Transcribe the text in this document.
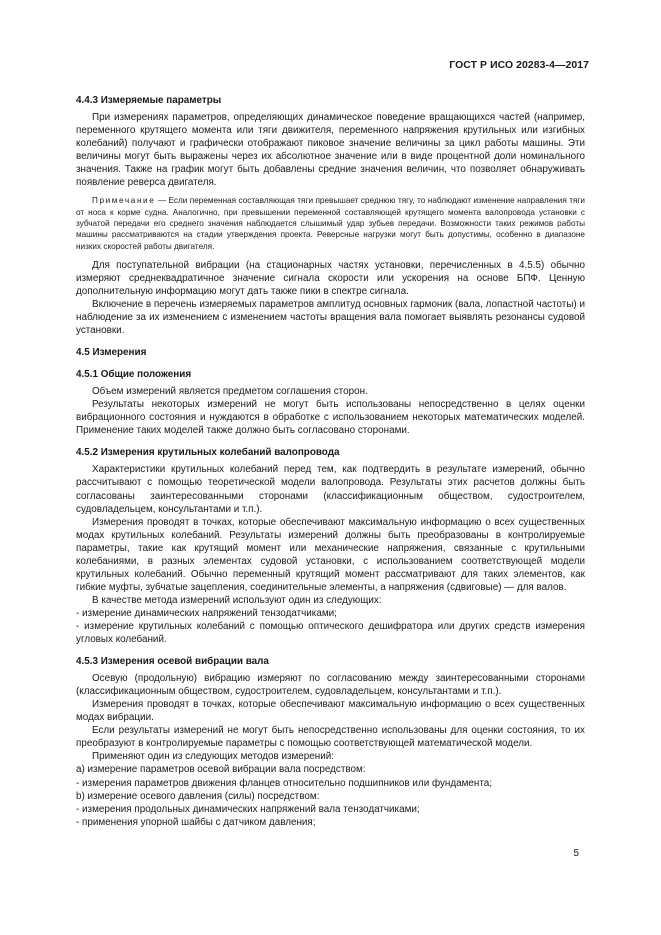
ГОСТ Р ИСО 20283-4—2017

4.4.3 Измеряемые параметры

При измерениях параметров, определяющих динамическое поведение вращающихся частей (например, переменного крутящего момента или тяги движителя, переменного напряжения крутильных или изгибных колебаний) получают и графически отображают пиковое значение величины за цикл работы машины. Эти величины могут быть выражены через их абсолютное значение или в виде процентной доли номинального значения. Также на график могут быть добавлены средние значения величин, что позволяет обнаруживать появление реверса двигателя.

Примечание — Если переменная составляющая тяги превышает среднюю тягу, то наблюдают изменение направления тяги от носа к корме судна. Аналогично, при превышении переменной составляющей крутящего момента валопровода установки с зубчатой передачи его среднего значения наблюдается слышимый удар зубьев передачи. Возможности таких режимов работы машины рассматриваются на стадии утверждения проекта. Реверсные нагрузки могут быть допустимы, особенно в диапазоне низких скоростей работы двигателя.

Для поступательной вибрации (на стационарных частях установки, перечисленных в 4.5.5) обычно измеряют среднеквадратичное значение сигнала скорости или ускорения на основе БПФ. Ценную дополнительную информацию могут дать также пики в спектре сигнала.

Включение в перечень измеряемых параметров амплитуд основных гармоник (вала, лопастной частоты) и наблюдение за их изменением с изменением частоты вращения вала помогает выявлять резонансы судовой установки.

4.5 Измерения

4.5.1 Общие положения

Объем измерений является предметом соглашения сторон.

Результаты некоторых измерений не могут быть использованы непосредственно в целях оценки вибрационного состояния и нуждаются в обработке с использованием некоторых математических моделей. Применение таких моделей также должно быть согласовано сторонами.

4.5.2 Измерения крутильных колебаний валопровода

Характеристики крутильных колебаний перед тем, как подтвердить в результате измерений, обычно рассчитывают с помощью теоретической модели валопровода. Результаты этих расчетов должны быть согласованы заинтересованными сторонами (классификационным обществом, судостроителем, судовладельцем, консультантами и т.п.).

Измерения проводят в точках, которые обеспечивают максимальную информацию о всех существенных модах крутильных колебаний. Результаты измерений должны быть преобразованы в контролируемые параметры, такие как крутящий момент или механические напряжения, связанные с крутильными колебаниями, в разных элементах судовой установки, с использованием соответствующей модели крутильных колебаний. Обычно переменный крутящий момент рассматривают для таких элементов, как гибкие муфты, зубчатые зацепления, соединительные элементы, а напряжения (сдвиговые) — для валов.

В качестве метода измерений используют один из следующих:

- измерение динамических напряжений тензодатчиками;

- измерение крутильных колебаний с помощью оптического дешифратора или других средств измерения угловых колебаний.

4.5.3 Измерения осевой вибрации вала

Осевую (продольную) вибрацию измеряют по согласованию между заинтересованными сторонами (классификационным обществом, судостроителем, судовладельцем, консультантами и т.п.).

Измерения проводят в точках, которые обеспечивают максимальную информацию о всех существенных модах вибрации.

Если результаты измерений не могут быть непосредственно использованы для оценки состояния, то их преобразуют в контролируемые параметры с помощью соответствующей математической модели.

Применяют один из следующих методов измерений:

a) измерение параметров осевой вибрации вала посредством:

- измерения параметров движения фланцев относительно подшипников или фундамента;

b) измерение осевого давления (силы) посредством:

- измерения продольных динамических напряжений вала тензодатчиками;

- применения упорной шайбы с датчиком давления;

5
